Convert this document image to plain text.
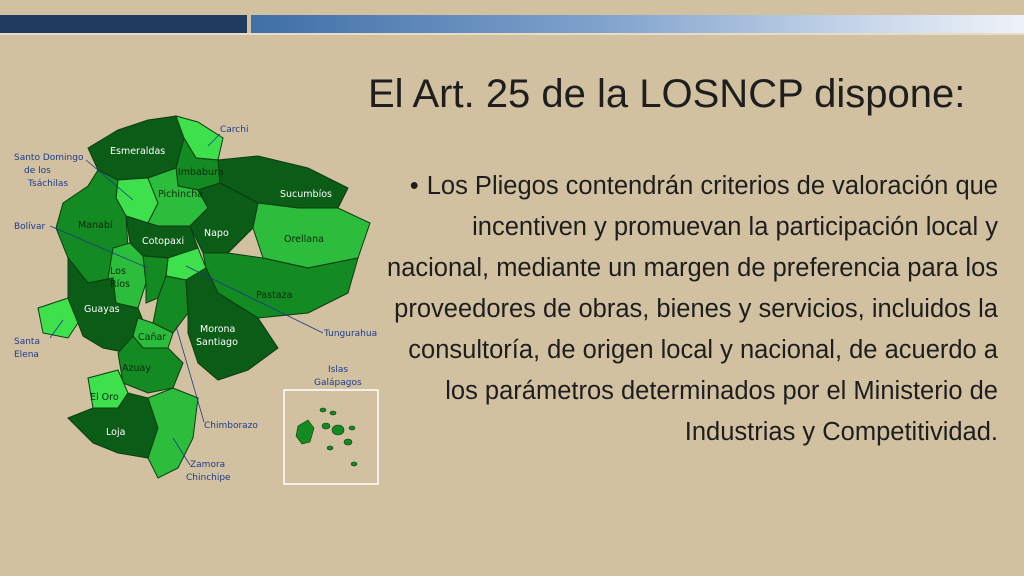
El Art. 25 de la LOSNCP dispone:
• Los Pliegos contendrán criterios de valoración que incentiven y promuevan la participación local y nacional, mediante un margen de preferencia para los proveedores de obras, bienes y servicios, incluidos la consultoría, de origen local y nacional, de acuerdo a los parámetros determinados por el Ministerio de Industrias y Competitividad.
Esmeraldas
Sucumbíos
Napo
Cotopaxi
Guayas
Morona
Santiago
Loja
Imbabura
Pichincha
Manabí
Orellana
Los
Ríos
Pastaza
Cañar
Azuay
El Oro
Carchi
Santo Domingo
de los
Tsáchilas
Bolívar
Tungurahua
Santa
Elena
Islas
Galápagos
Chimborazo
Zamora
Chinchipe
